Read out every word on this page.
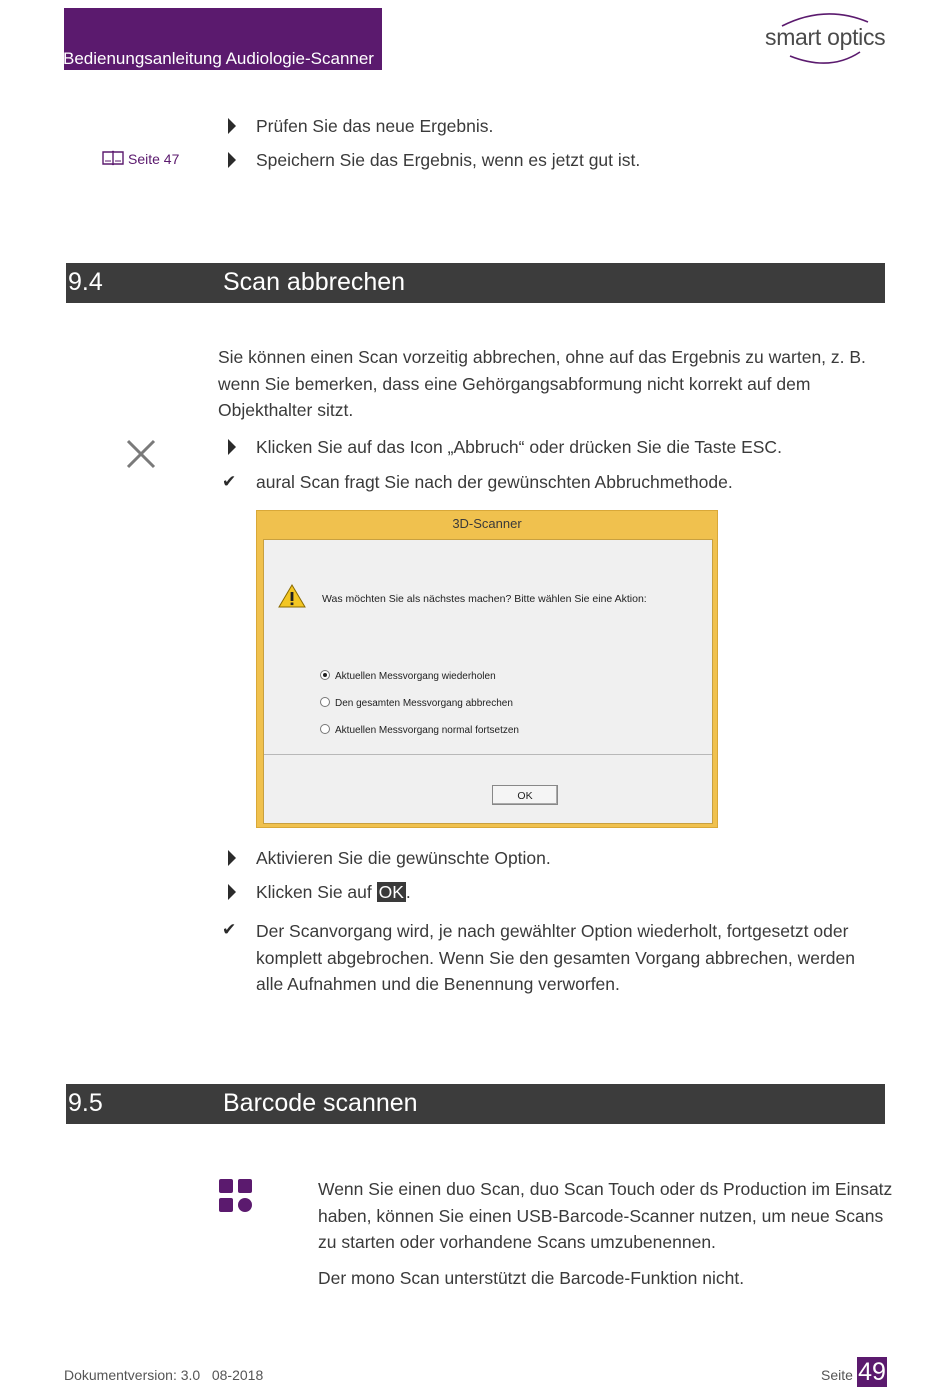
Bedienungsanleitung Audiologie-Scanner
smart optics
Prüfen Sie das neue Ergebnis.
Seite 47	Speichern Sie das Ergebnis, wenn es jetzt gut ist.
9.4	Scan abbrechen
Sie können einen Scan vorzeitig abbrechen, ohne auf das Ergebnis zu warten, z. B.
wenn Sie bemerken, dass eine Gehörgangsabformung nicht korrekt auf dem
Objekthalter sitzt.
Klicken Sie auf das Icon „Abbruch“ oder drücken Sie die Taste ESC.
✔ aural Scan fragt Sie nach der gewünschten Abbruchmethode.
3D-Scanner
Was möchten Sie als nächstes machen? Bitte wählen Sie eine Aktion:
Aktuellen Messvorgang wiederholen
Den gesamten Messvorgang abbrechen
Aktuellen Messvorgang normal fortsetzen
OK
Aktivieren Sie die gewünschte Option.
Klicken Sie auf OK .
✔ Der Scanvorgang wird, je nach gewählter Option wiederholt, fortgesetzt oder
komplett abgebrochen. Wenn Sie den gesamten Vorgang abbrechen, werden
alle Aufnahmen und die Benennung verworfen.
9.5	Barcode scannen
Wenn Sie einen duo Scan, duo Scan Touch oder ds Production im Einsatz
haben, können Sie einen USB-Barcode-Scanner nutzen, um neue Scans
zu starten oder vorhandene Scans umzubenennen.
Der mono Scan unterstützt die Barcode-Funktion nicht.
Dokumentversion: 3.0 08-2018	Seite 49
